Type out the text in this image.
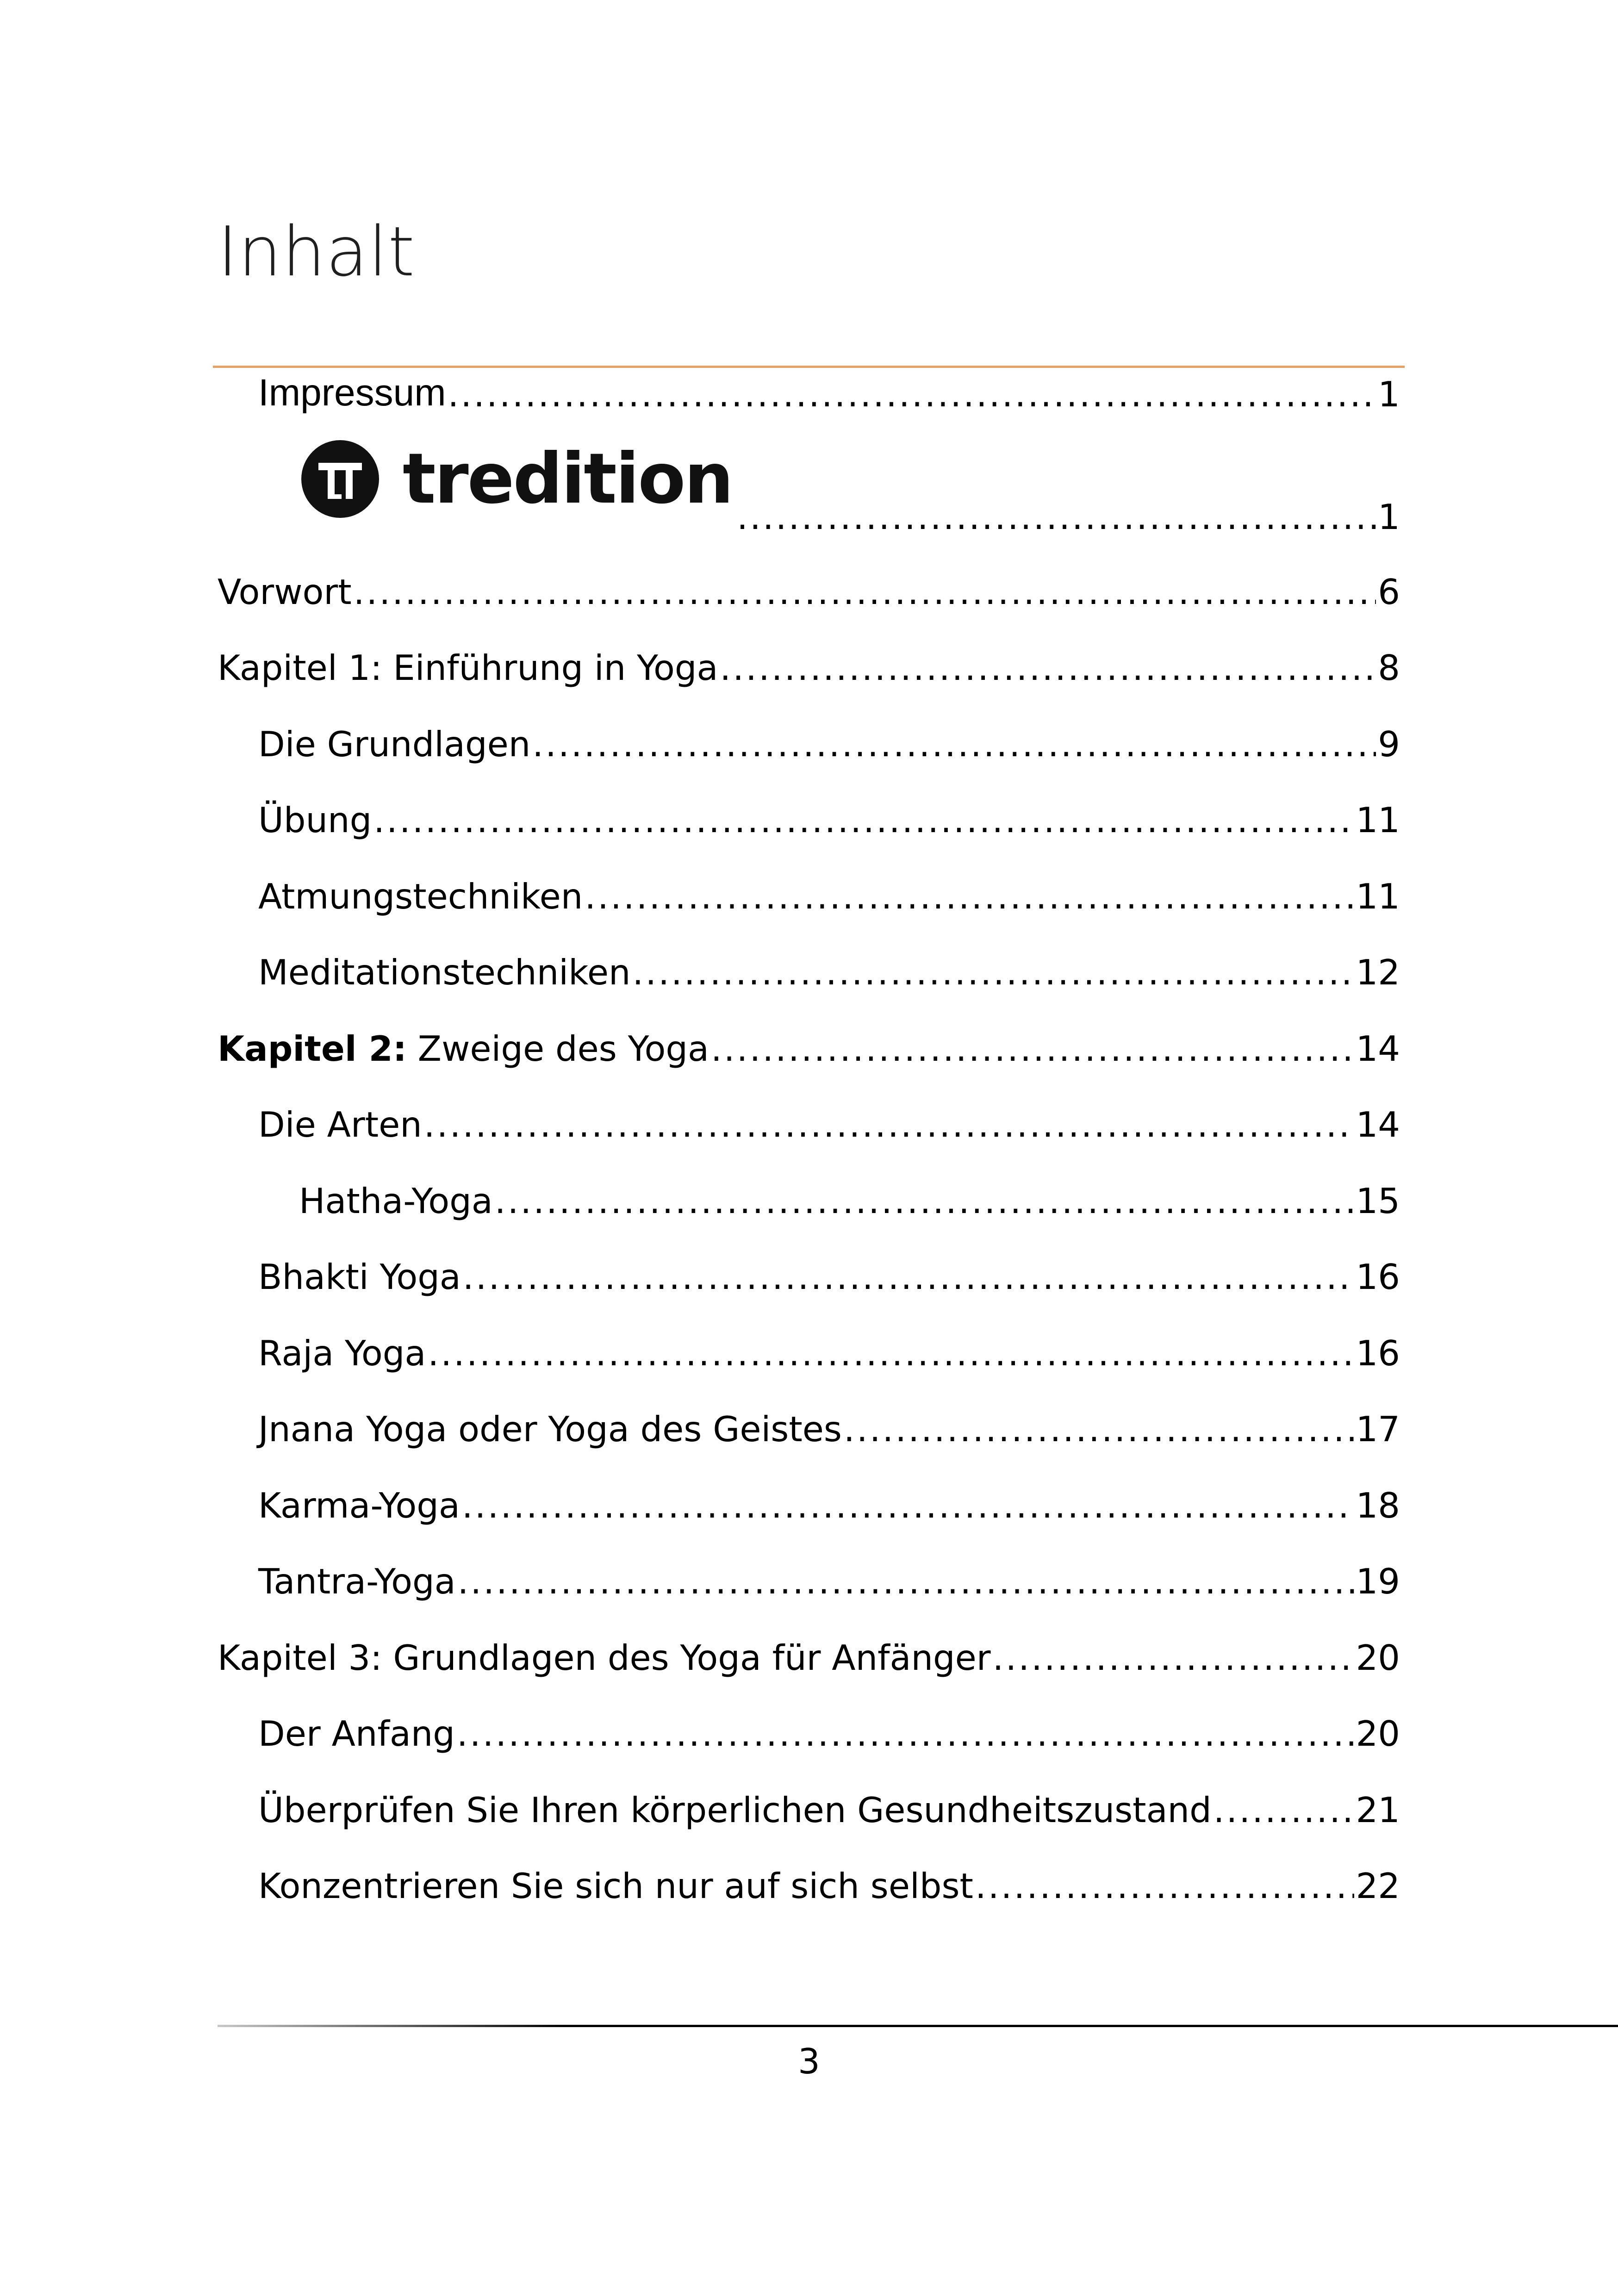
Inhalt
Impressum .....	1
tredition .....	1
Vorwort .....	6
Kapitel 1: Einführung in Yoga .....	8
Die Grundlagen .....	9
Übung .....	11
Atmungstechniken .....	11
Meditationstechniken .....	12
Kapitel 2: Zweige des Yoga .....	14
Die Arten .....	14
Hatha-Yoga .....	15
Bhakti Yoga .....	16
Raja Yoga .....	16
Jnana Yoga oder Yoga des Geistes .....	17
Karma-Yoga .....	18
Tantra-Yoga .....	19
Kapitel 3: Grundlagen des Yoga für Anfänger .....	20
Der Anfang .....	20
Überprüfen Sie Ihren körperlichen Gesundheitszustand .....	21
Konzentrieren Sie sich nur auf sich selbst .....	22
3
